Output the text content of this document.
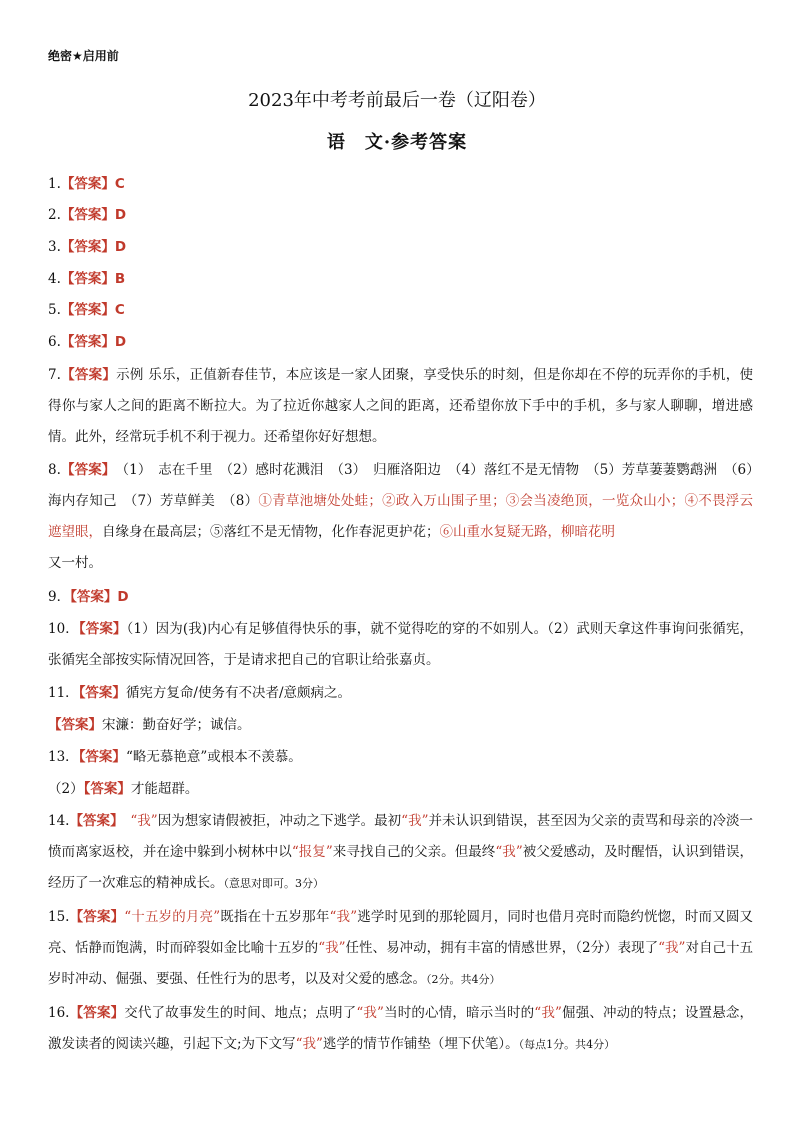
绝密★启用前
2023年中考考前最后一卷（辽阳卷）
语　文·参考答案
1.【答案】C
2.【答案】D
3.【答案】D
4.【答案】B
5.【答案】C
6.【答案】D
7.【答案】示例 乐乐，正值新春佳节，本应该是一家人团聚，享受快乐的时刻，但是你却在不停的玩弄你的手机，使得你与家人之间的距离不断拉大。为了拉近你越家人之间的距离，还希望你放下手中的手机，多与家人聊聊，增进感情。此外，经常玩手机不利于视力。还希望你好好想想。
8.【答案】　（1）　志在千里　（2）感时花溅泪　（3）　归雁洛阳边　（4）落红不是无情物　（5）芳草萋萋鹦鹉洲　（6）海内存知己　（7）芳草鲜美　（8）①青草池塘处处蛙；②政入万山围子里；③会当凌绝顶，一览众山小；④不畏浮云遮望眼，自缘身在最高层；⑤落红不是无情物，化作春泥更护花；⑥山重水复疑无路，柳暗花明
又一村。
9．【答案】D
10．【答案】（1）因为(我)内心有足够值得快乐的事，就不觉得吃的穿的不如别人。（2）武则天拿这件事询问张循宪，张循宪全部按实际情况回答，于是请求把自己的官职让给张嘉贞。
11．【答案】循宪方复命/使务有不决者/意颇病之。
【答案】宋濂：勤奋好学；诚信。
13．【答案】“略无慕艳意”或根本不羡慕。
（2）【答案】才能超群。
14.【答案】　“我”因为想家请假被拒，冲动之下逃学。最初“我”并未认识到错误，甚至因为父亲的责骂和母亲的冷淡一愤而离家返校，并在途中躲到小树林中以“报复”来寻找自己的父亲。但最终“我”被父爱感动，及时醒悟，认识到错误，经历了一次难忘的精神成长。（意思对即可。3分）
15.【答案】“十五岁的月亮”既指在十五岁那年“我”逃学时见到的那轮圆月，同时也借月亮时而隐约恍惚，时而又圆又亮、恬静而饱满，时而碎裂如金比喻十五岁的“我”任性、易冲动，拥有丰富的情感世界，（2分）表现了“我”对自己十五岁时冲动、倔强、要强、任性行为的思考，以及对父爱的感念。（2分。共4分）
16.【答案】交代了故事发生的时间、地点；点明了“我”当时的心情，暗示当时的“我”倔强、冲动的特点；设置悬念，激发读者的阅读兴趣，引起下文;为下文写“我”逃学的情节作铺垫（埋下伏笔）。（每点1分。共4分）
